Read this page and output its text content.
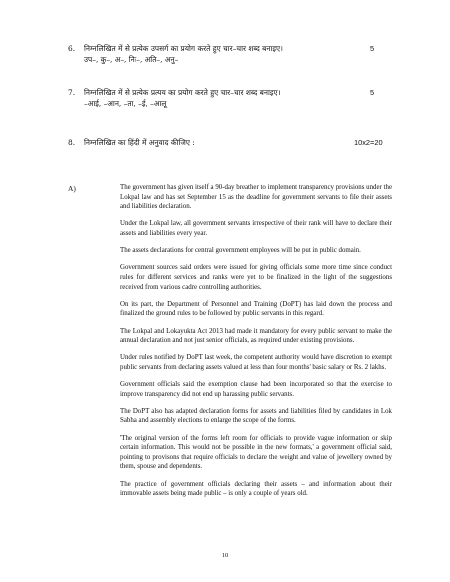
6. निम्नलिखित में से प्रत्येक उपसर्ग का प्रयोग करते हुए चार–चार शब्द बनाइए।
उप–, कु–, अ–, निः–, अति–, अनु–
5
7. निम्नलिखित में से प्रत्येक प्रत्यय का प्रयोग करते हुए चार–चार शब्द बनाइए।
–आई, –आन, –ता, –ई, –आलू
5
8. निम्नलिखित का हिंदी में अनुवाद कीजिए :	10x2=20
A)	The government has given itself a 90-day breather to implement transparency provisions under the Lokpal law and has set September 15 as the deadline for government servants to file their assets and liabilities declaration.

Under the Lokpal law, all government servants irrespective of their rank will have to declare their assets and liabilities every year.

The assets declarations for central government employees will be put in public domain.

Government sources said orders were issued for giving officials some more time since conduct rules for different services and ranks were yet to be finalized in the light of the suggestions received from various cadre controlling authorities.

On its part, the Department of Personnel and Training (DoPT) has laid down the process and finalized the ground rules to be followed by public servants in this regard.

The Lokpal and Lokayukta Act 2013 had made it mandatory for every public servant to make the annual declaration and not just senior officials, as required under existing provisions.

Under rules notified by DoPT last week, the competent authority would have discretion to exempt public servants from declaring assets valued at less than four months' basic salary or Rs. 2 lakhs.

Government officials said the exemption clause had been incorporated so that the exercise to improve transparency did not end up harassing public servants.

The DoPT also has adapted declaration forms for assets and liabilities filed by candidates in Lok Sabha and assembly elections to enlarge the scope of the forms.

'The original version of the forms left room for officials to provide vague information or skip certain information. This would not be possible in the new formats,' a government official said, pointing to provisons that require officials to declare the weight and value of jewellery owned by them, spouse and dependents.

The practice of government officials declaring their assets – and information about their immovable assets being made public – is only a couple of years old.

10
